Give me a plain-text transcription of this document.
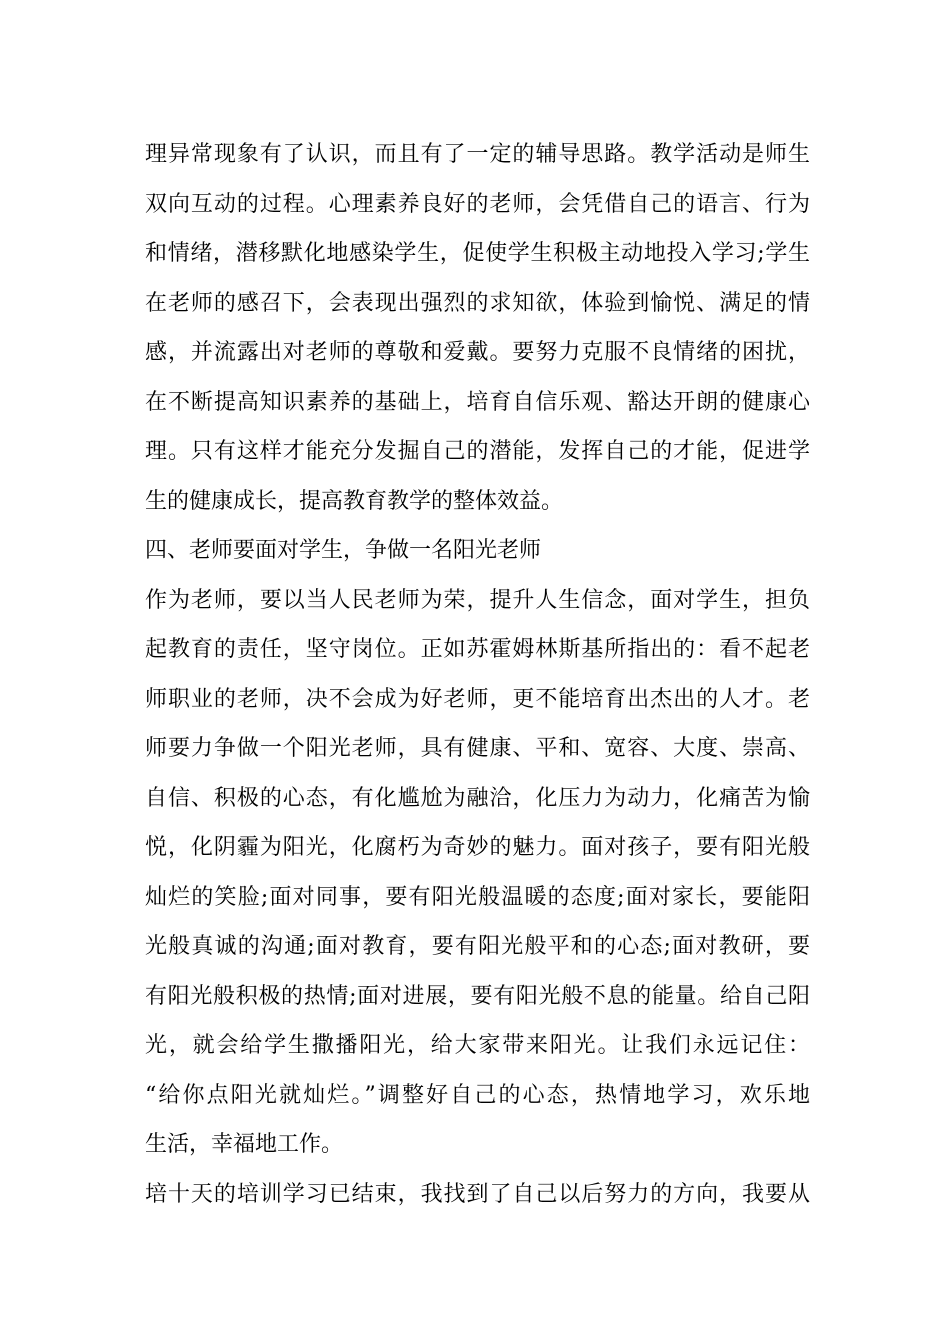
理异常现象有了认识，而且有了一定的辅导思路。教学活动是师生
双向互动的过程。心理素养良好的老师，会凭借自己的语言、行为
和情绪，潜移默化地感染学生，促使学生积极主动地投入学习;学生
在老师的感召下，会表现出强烈的求知欲，体验到愉悦、满足的情
感，并流露出对老师的尊敬和爱戴。要努力克服不良情绪的困扰，
在不断提高知识素养的基础上，培育自信乐观、豁达开朗的健康心
理。只有这样才能充分发掘自己的潜能，发挥自己的才能，促进学
生的健康成长，提高教育教学的整体效益。
四、老师要面对学生，争做一名阳光老师
作为老师，要以当人民老师为荣，提升人生信念，面对学生，担负
起教育的责任，坚守岗位。正如苏霍姆林斯基所指出的：看不起老
师职业的老师，决不会成为好老师，更不能培育出杰出的人才。老
师要力争做一个阳光老师，具有健康、平和、宽容、大度、崇高、
自信、积极的心态，有化尴尬为融洽，化压力为动力，化痛苦为愉
悦，化阴霾为阳光，化腐朽为奇妙的魅力。面对孩子，要有阳光般
灿烂的笑脸;面对同事，要有阳光般温暖的态度;面对家长，要能阳
光般真诚的沟通;面对教育，要有阳光般平和的心态;面对教研，要
有阳光般积极的热情;面对进展，要有阳光般不息的能量。给自己阳
光，就会给学生撒播阳光，给大家带来阳光。让我们永远记住：
“给你点阳光就灿烂。”调整好自己的心态，热情地学习，欢乐地
生活，幸福地工作。
培十天的培训学习已结束，我找到了自己以后努力的方向，我要从
